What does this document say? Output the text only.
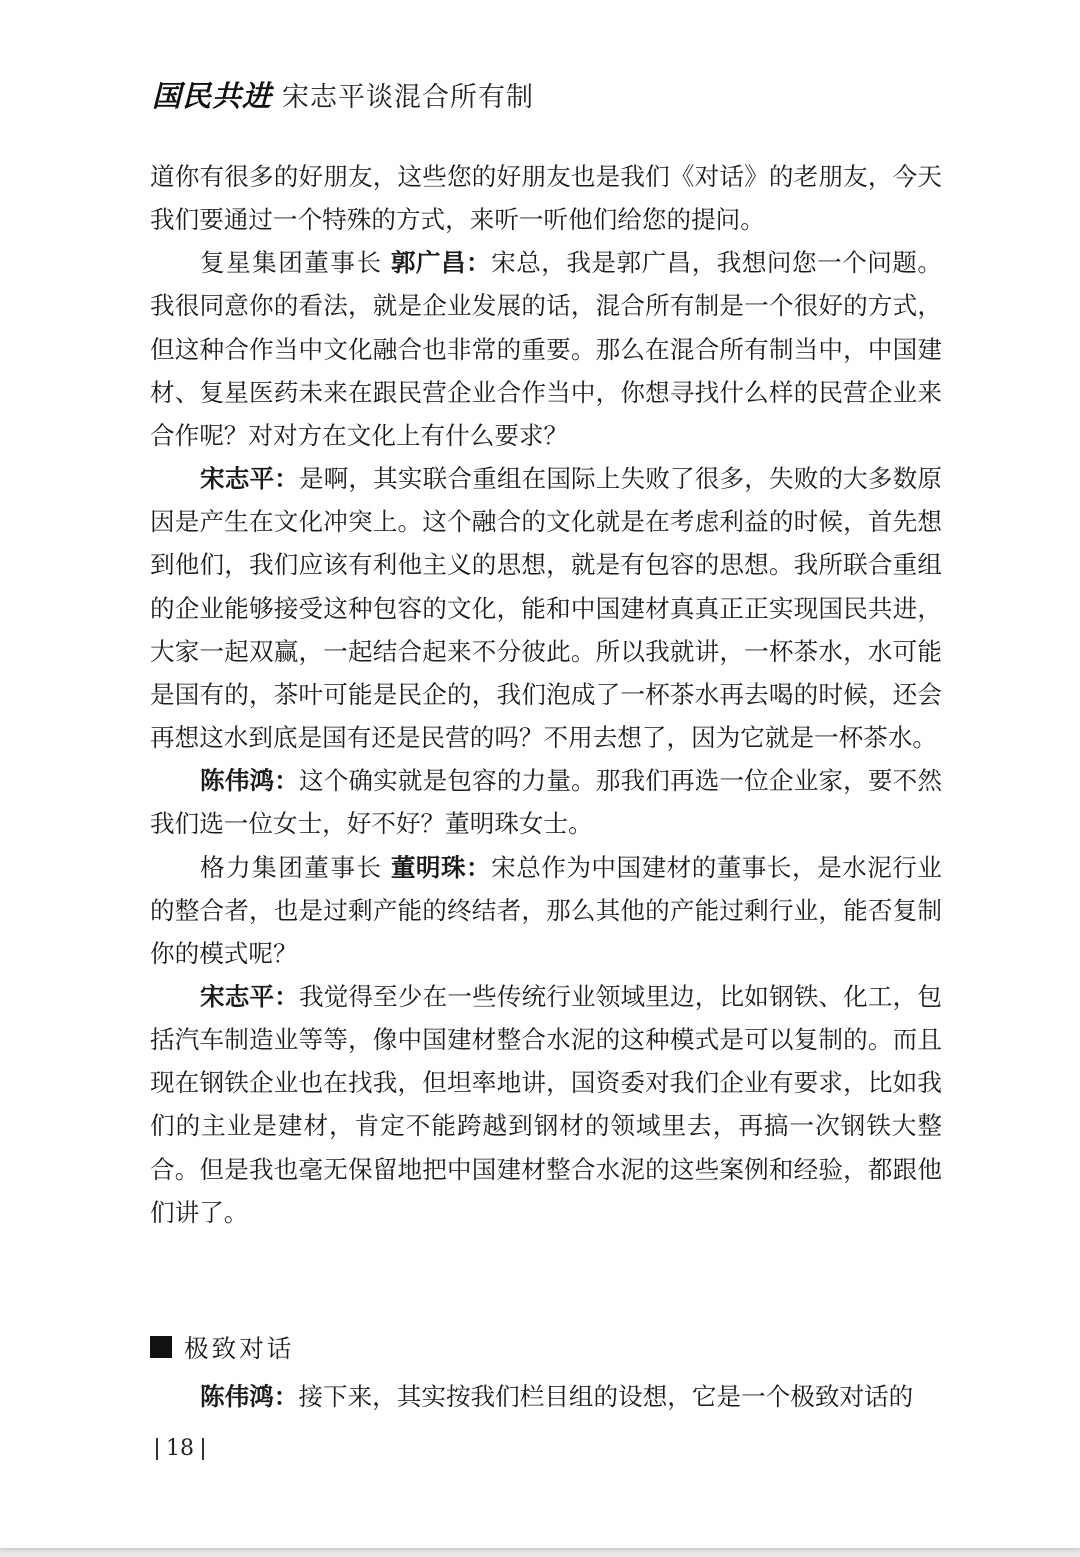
国民共进 宋志平谈混合所有制

道你有很多的好朋友，这些您的好朋友也是我们《对话》的老朋友，今天我们要通过一个特殊的方式，来听一听他们给您的提问。

复星集团董事长 郭广昌：宋总，我是郭广昌，我想问您一个问题。我很同意你的看法，就是企业发展的话，混合所有制是一个很好的方式，但这种合作当中文化融合也非常的重要。那么在混合所有制当中，中国建材、复星医药未来在跟民营企业合作当中，你想寻找什么样的民营企业来合作呢？对对方在文化上有什么要求？

宋志平：是啊，其实联合重组在国际上失败了很多，失败的大多数原因是产生在文化冲突上。这个融合的文化就是在考虑利益的时候，首先想到他们，我们应该有利他主义的思想，就是有包容的思想。我所联合重组的企业能够接受这种包容的文化，能和中国建材真真正正实现国民共进，大家一起双赢，一起结合起来不分彼此。所以我就讲，一杯茶水，水可能是国有的，茶叶可能是民企的，我们泡成了一杯茶水再去喝的时候，还会再想这水到底是国有还是民营的吗？不用去想了，因为它就是一杯茶水。

陈伟鸿：这个确实就是包容的力量。那我们再选一位企业家，要不然我们选一位女士，好不好？董明珠女士。

格力集团董事长 董明珠：宋总作为中国建材的董事长，是水泥行业的整合者，也是过剩产能的终结者，那么其他的产能过剩行业，能否复制你的模式呢？

宋志平：我觉得至少在一些传统行业领域里边，比如钢铁、化工，包括汽车制造业等等，像中国建材整合水泥的这种模式是可以复制的。而且现在钢铁企业也在找我，但坦率地讲，国资委对我们企业有要求，比如我们的主业是建材，肯定不能跨越到钢材的领域里去，再搞一次钢铁大整合。但是我也毫无保留地把中国建材整合水泥的这些案例和经验，都跟他们讲了。

极致对话

陈伟鸿：接下来，其实按我们栏目组的设想，它是一个极致对话的

18
